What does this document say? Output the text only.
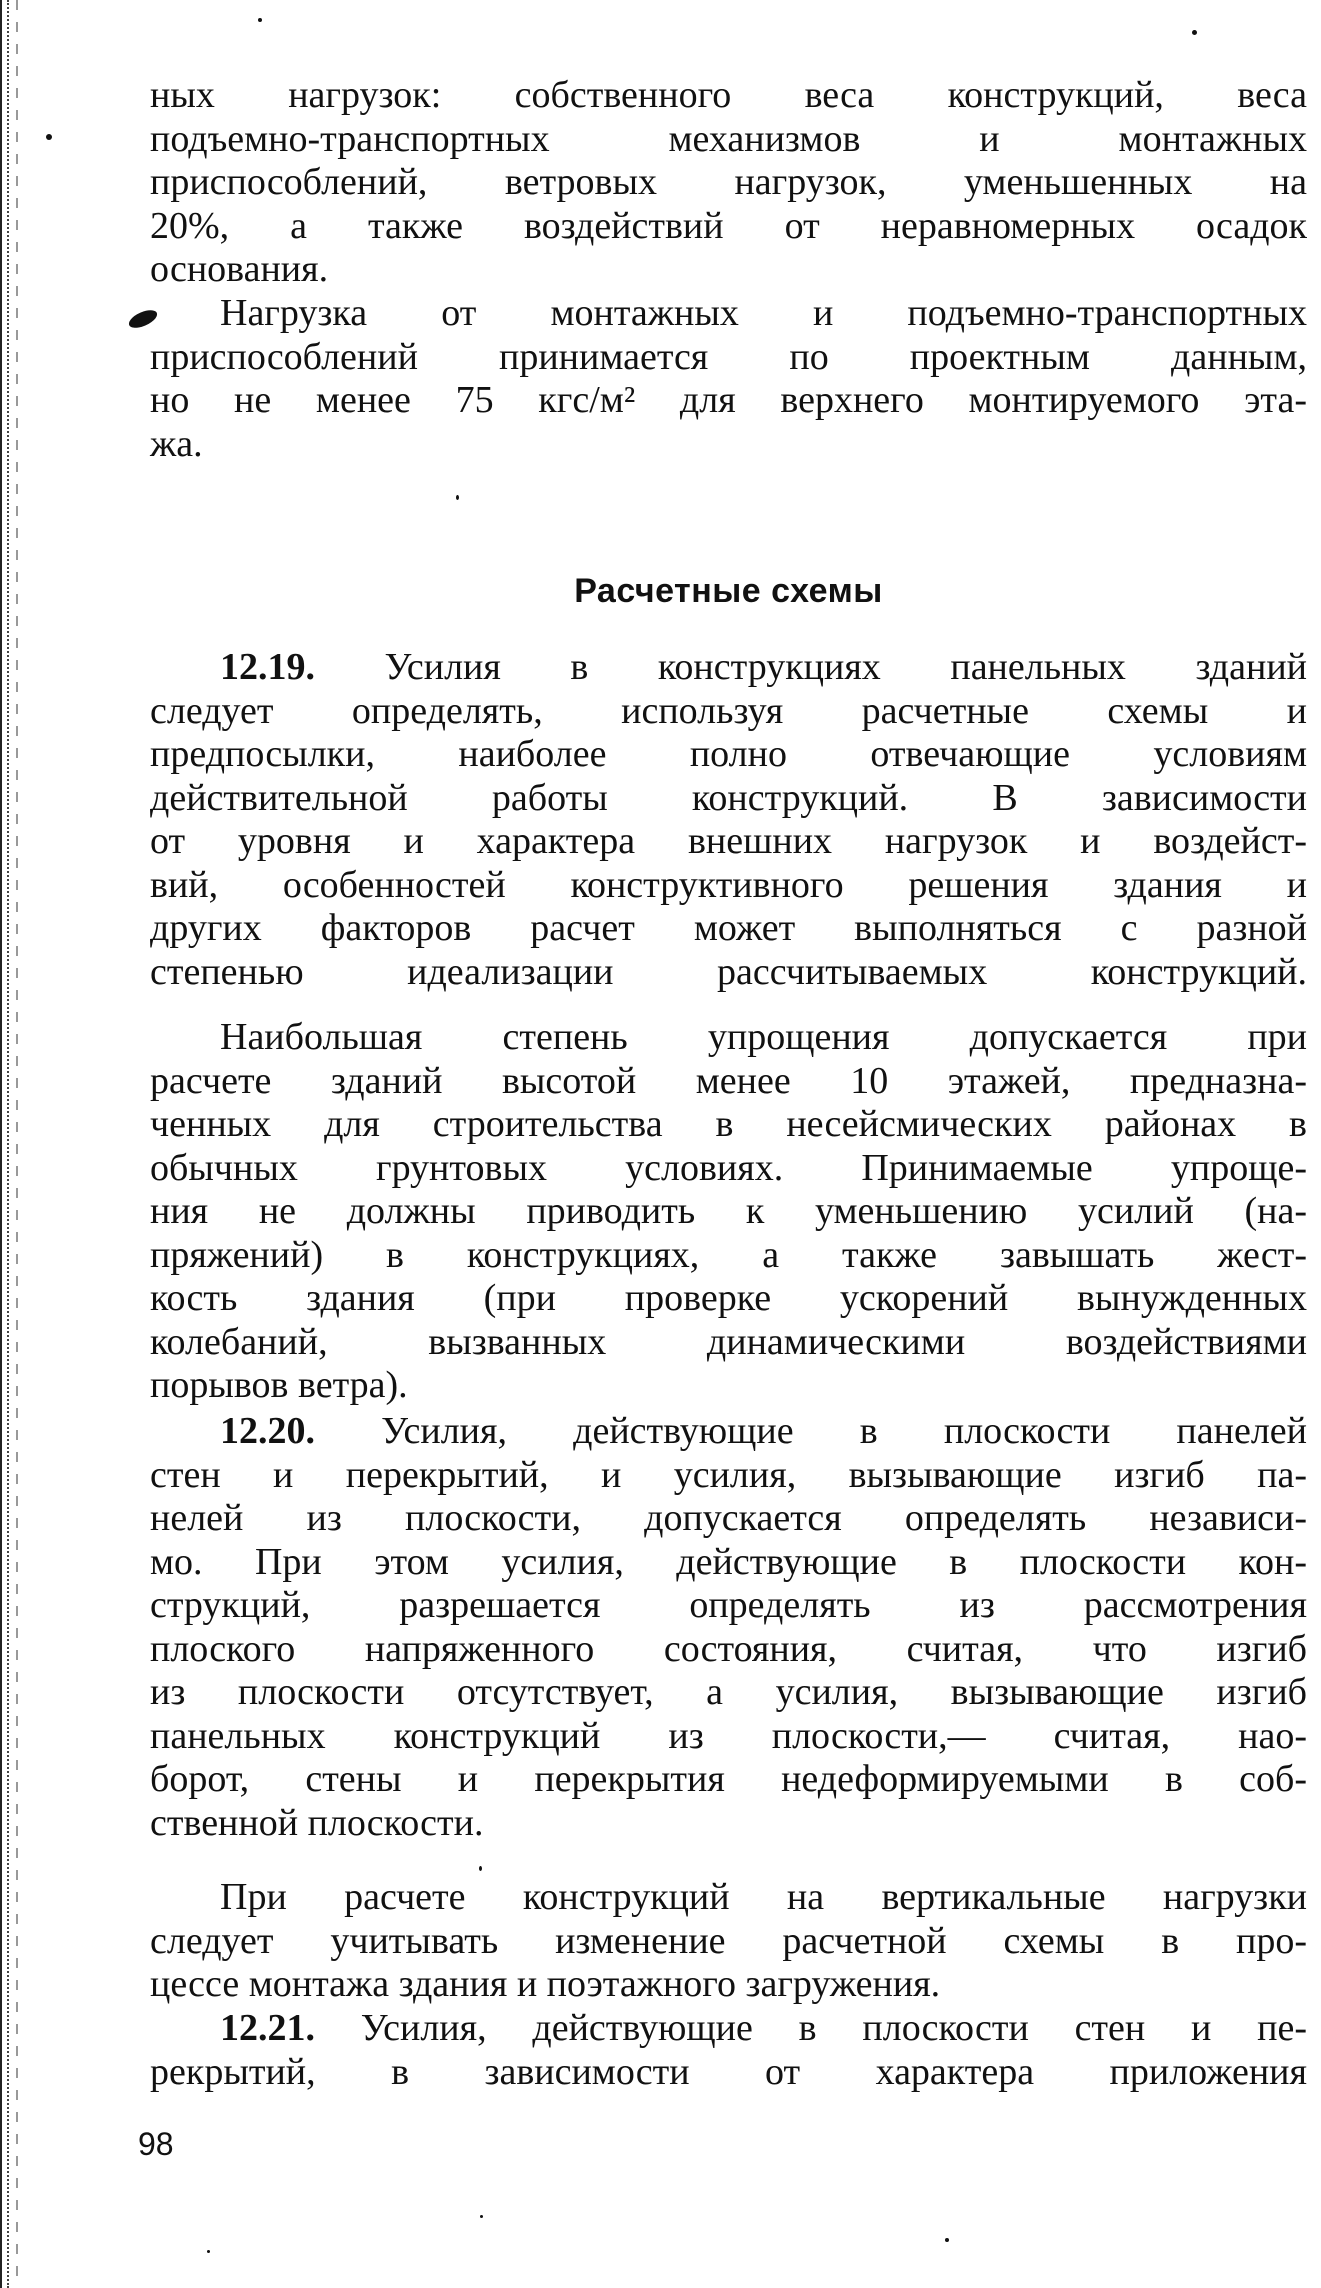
ных нагрузок: собственного веса конструкций, веса
подъемно-транспортных механизмов и монтажных
приспособлений, ветровых нагрузок, уменьшенных на
20%, а также воздействий от неравномерных осадок
основания.
Нагрузка от монтажных и подъемно-транспортных
приспособлений принимается по проектным данным,
но не менее 75 кгс/м² для верхнего монтируемого эта-
жа.
Расчетные схемы
12.19. Усилия в конструкциях панельных зданий
следует определять, используя расчетные схемы и
предпосылки, наиболее полно отвечающие условиям
действительной работы конструкций. В зависимости
от уровня и характера внешних нагрузок и воздейст-
вий, особенностей конструктивного решения здания и
других факторов расчет может выполняться с разной
степенью идеализации рассчитываемых конструкций.
Наибольшая степень упрощения допускается при
расчете зданий высотой менее 10 этажей, предназна-
ченных для строительства в несейсмических районах в
обычных грунтовых условиях. Принимаемые упроще-
ния не должны приводить к уменьшению усилий (на-
пряжений) в конструкциях, а также завышать жест-
кость здания (при проверке ускорений вынужденных
колебаний, вызванных динамическими воздействиями
порывов ветра).
12.20. Усилия, действующие в плоскости панелей
стен и перекрытий, и усилия, вызывающие изгиб па-
нелей из плоскости, допускается определять независи-
мо. При этом усилия, действующие в плоскости кон-
струкций, разрешается определять из рассмотрения
плоского напряженного состояния, считая, что изгиб
из плоскости отсутствует, а усилия, вызывающие изгиб
панельных конструкций из плоскости,— считая, нао-
борот, стены и перекрытия недеформируемыми в соб-
ственной плоскости.
При расчете конструкций на вертикальные нагрузки
следует учитывать изменение расчетной схемы в про-
цессе монтажа здания и поэтажного загружения.
12.21. Усилия, действующие в плоскости стен и пе-
рекрытий, в зависимости от характера приложения
98
